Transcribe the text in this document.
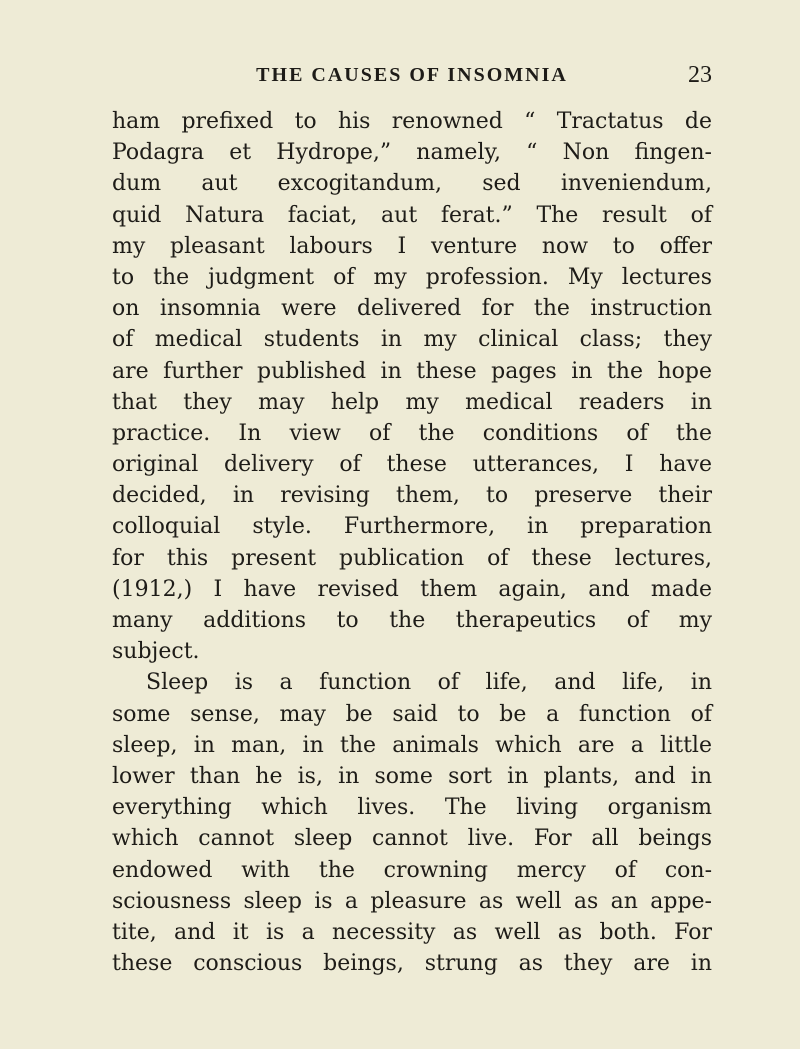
THE CAUSES OF INSOMNIA	23
ham prefixed to his renowned “ Tractatus de
Podagra et Hydrope,” namely, “ Non fingen-
dum aut excogitandum, sed inveniendum,
quid Natura faciat, aut ferat.” The result of
my pleasant labours I venture now to offer
to the judgment of my profession. My lectures
on insomnia were delivered for the instruction
of medical students in my clinical class; they
are further published in these pages in the hope
that they may help my medical readers in
practice. In view of the conditions of the
original delivery of these utterances, I have
decided, in revising them, to preserve their
colloquial style. Furthermore, in preparation
for this present publication of these lectures,
(1912,) I have revised them again, and made
many additions to the therapeutics of my
subject.
Sleep is a function of life, and life, in
some sense, may be said to be a function of
sleep, in man, in the animals which are a little
lower than he is, in some sort in plants, and in
everything which lives. The living organism
which cannot sleep cannot live. For all beings
endowed with the crowning mercy of con-
sciousness sleep is a pleasure as well as an appe-
tite, and it is a necessity as well as both. For
these conscious beings, strung as they are in
